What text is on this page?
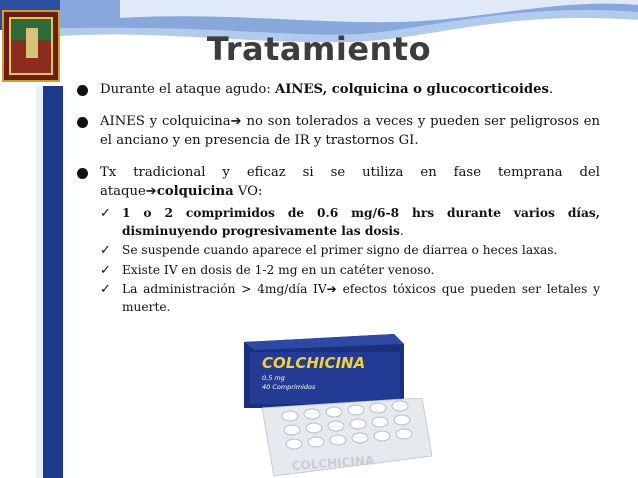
Tratamiento
Durante el ataque agudo: AINES, colquicina o glucocorticoides.
AINES y colquicina➔ no son tolerados a veces y pueden ser peligrosos en el anciano y en presencia de IR y trastornos GI.
Tx tradicional y eficaz si se utiliza en fase temprana del ataque➔colquicina VO:
✓ 1 o 2 comprimidos de 0.6 mg/6-8 hrs durante varios días, disminuyendo progresivamente las dosis.
✓ Se suspende cuando aparece el primer signo de diarrea o heces laxas.
✓ Existe IV en dosis de 1-2 mg en un catéter venoso.
✓ La administración > 4mg/día IV➔ efectos tóxicos que pueden ser letales y muerte.
COLCHICINA
0,5 mg
40 Comprimidos
COLCHICINA
